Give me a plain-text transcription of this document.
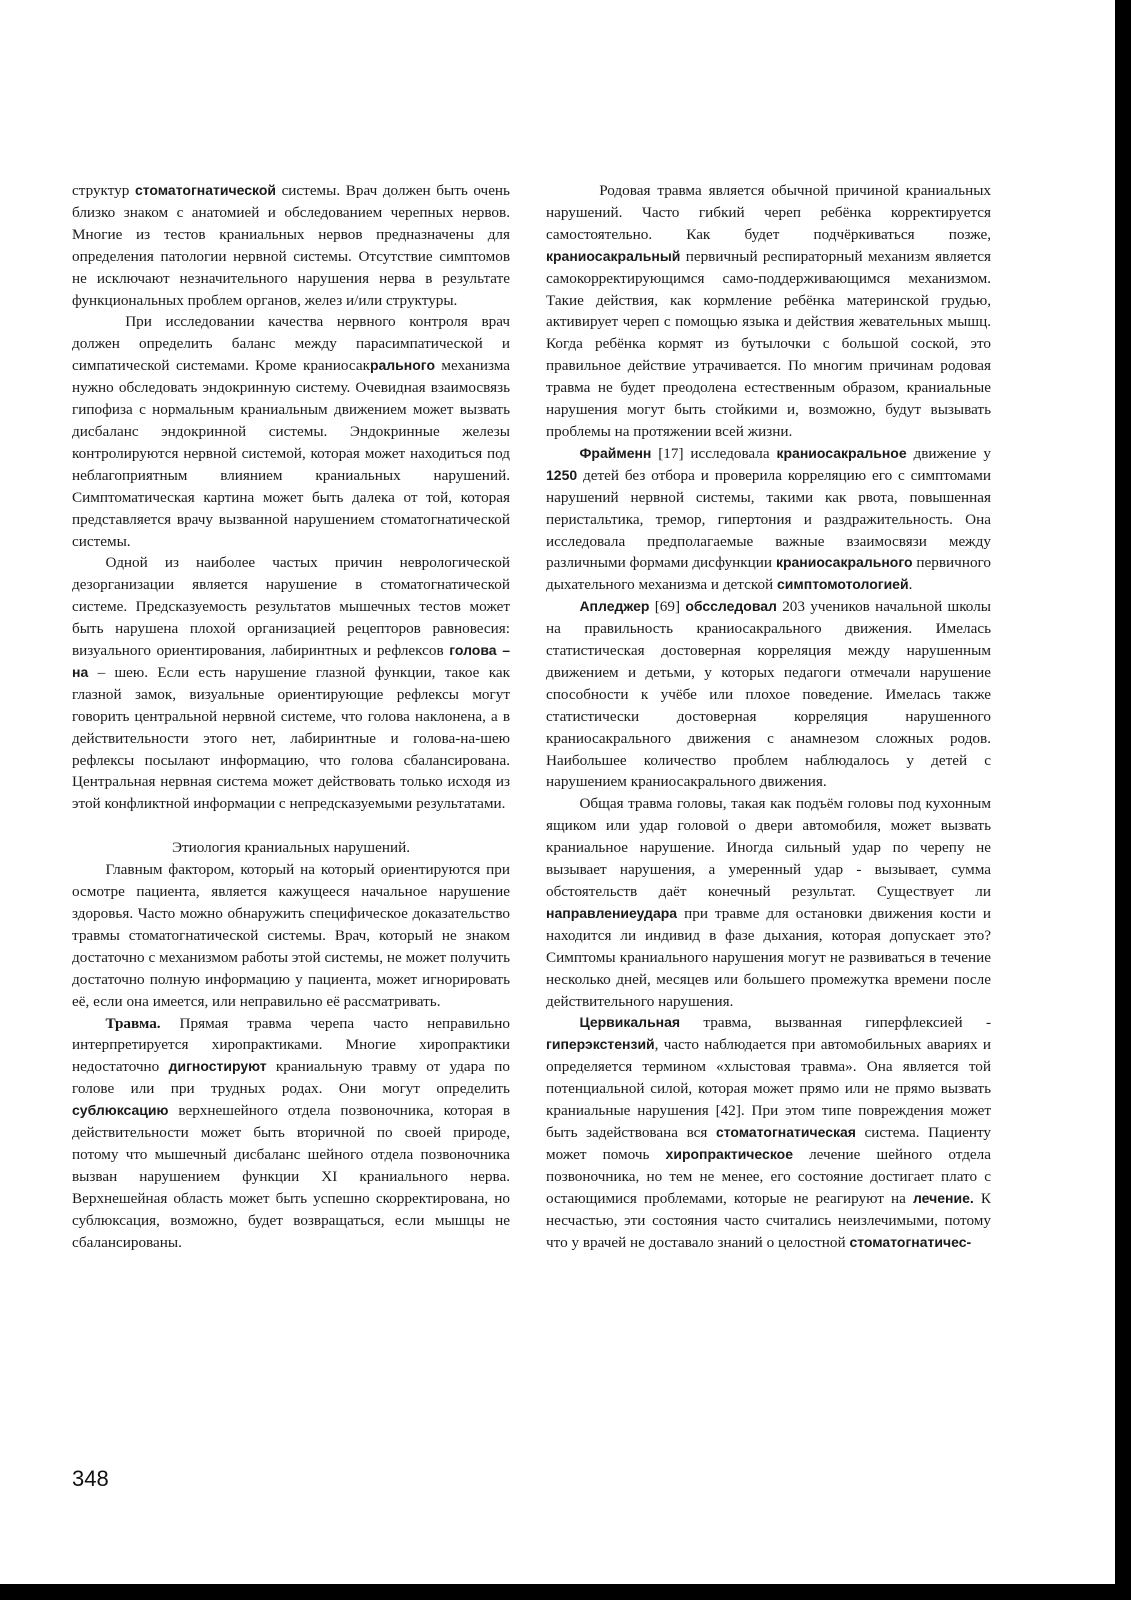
структур стоматогнатической системы. Врач должен быть очень близко знаком с анатомией и обследованием черепных нервов. Многие из тестов краниальных нервов предназначены для определения патологии нервной системы. Отсутствие симптомов не исключают незначительного нарушения нерва в результате функциональных проблем органов, желез и/или структуры.

При исследовании качества нервного контроля врач должен определить баланс между парасимпатической и симпатической системами. Кроме краниосакрального механизма нужно обследовать эндокринную систему. Очевидная взаимосвязь гипофиза с нормальным краниальным движением может вызвать дисбаланс эндокринной системы. Эндокринные железы контролируются нервной системой, которая может находиться под неблагоприятным влиянием краниальных нарушений. Симптоматическая картина может быть далека от той, которая представляется врачу вызванной нарушением стоматогнатической системы.

Одной из наиболее частых причин неврологической дезорганизации является нарушение в стоматогнатической системе. Предсказуемость результатов мышечных тестов может быть нарушена плохой организацией рецепторов равновесия: визуального ориентирования, лабиринтных и рефлексов голова – на – шею. Если есть нарушение глазной функции, такое как глазной замок, визуальные ориентирующие рефлексы могут говорить центральной нервной системе, что голова наклонена, а в действительности этого нет, лабиринтные и голова-на-шею рефлексы посылают информацию, что голова сбалансирована. Центральная нервная система может действовать только исходя из этой конфликтной информации с непредсказуемыми результатами.

Этиология краниальных нарушений.

Главным фактором, который на который ориентируются при осмотре пациента, является кажущееся начальное нарушение здоровья. Часто можно обнаружить специфическое доказательство травмы стоматогнатической системы. Врач, который не знаком достаточно с механизмом работы этой системы, не может получить достаточно полную информацию у пациента, может игнорировать её, если она имеется, или неправильно её рассматривать.

Травма. Прямая травма черепа часто неправильно интерпретируется хиропрактиками. Многие хиропрактики недостаточно дигностируют краниальную травму от удара по голове или при трудных родах. Они могут определить сублюксацию верхнешейного отдела позвоночника, которая в действительности может быть вторичной по своей природе, потому что мышечный дисбаланс шейного отдела позвоночника вызван нарушением функции XI краниального нерва. Верхнешейная область может быть успешно скорректирована, но сублюксация, возможно, будет возвращаться, если мышцы не сбалансированы.

Родовая травма является обычной причиной краниальных нарушений. Часто гибкий череп ребёнка корректируется самостоятельно. Как будет подчёркиваться позже, краниосакральный первичный респираторный механизм является самокорректирующимся само-поддерживающимся механизмом. Такие действия, как кормление ребёнка материнской грудью, активирует череп с помощью языка и действия жевательных мышц. Когда ребёнка кормят из бутылочки с большой соской, это правильное действие утрачивается. По многим причинам родовая травма не будет преодолена естественным образом, краниальные нарушения могут быть стойкими и, возможно, будут вызывать проблемы на протяжении всей жизни.

Фрайменн [17] исследовала краниосакральное движение у 1250 детей без отбора и проверила корреляцию его с симптомами нарушений нервной системы, такими как рвота, повышенная перистальтика, тремор, гипертония и раздражительность. Она исследовала предполагаемые важные взаимосвязи между различными формами дисфункции краниосакрального первичного дыхательного механизма и детской симптомотологией.

Апледжер [69] обсследовал 203 учеников начальной школы на правильность краниосакрального движения. Имелась статистическая достоверная корреляция между нарушенным движением и детьми, у которых педагоги отмечали нарушение способности к учёбе или плохое поведение. Имелась также статистически достоверная корреляция нарушенного краниосакрального движения с анамнезом сложных родов. Наибольшее количество проблем наблюдалось у детей с нарушением краниосакрального движения.

Общая травма головы, такая как подъём головы под кухонным ящиком или удар головой о двери автомобиля, может вызвать краниальное нарушение. Иногда сильный удар по черепу не вызывает нарушения, а умеренный удар - вызывает, сумма обстоятельств даёт конечный результат. Существует ли направлениеудара при травме для остановки движения кости и находится ли индивид в фазе дыхания, которая допускает это? Симптомы краниального нарушения могут не развиваться в течение несколько дней, месяцев или большего промежутка времени после действительного нарушения.

Цервикальная травма, вызванная гиперфлексией - гиперэкстензий, часто наблюдается при автомобильных авариях и определяется термином «хлыстовая травма». Она является той потенциальной силой, которая может прямо или не прямо вызвать краниальные нарушения [42]. При этом типе повреждения может быть задействована вся стоматогнатическая система. Пациенту может помочь хиропрактическое лечение шейного отдела позвоночника, но тем не менее, его состояние достигает плато с остающимися проблемами, которые не реагируют на лечение. К несчастью, эти состояния часто считались неизлечимыми, потому что у врачей не доставало знаний о целостной стоматогнатичес-

348
